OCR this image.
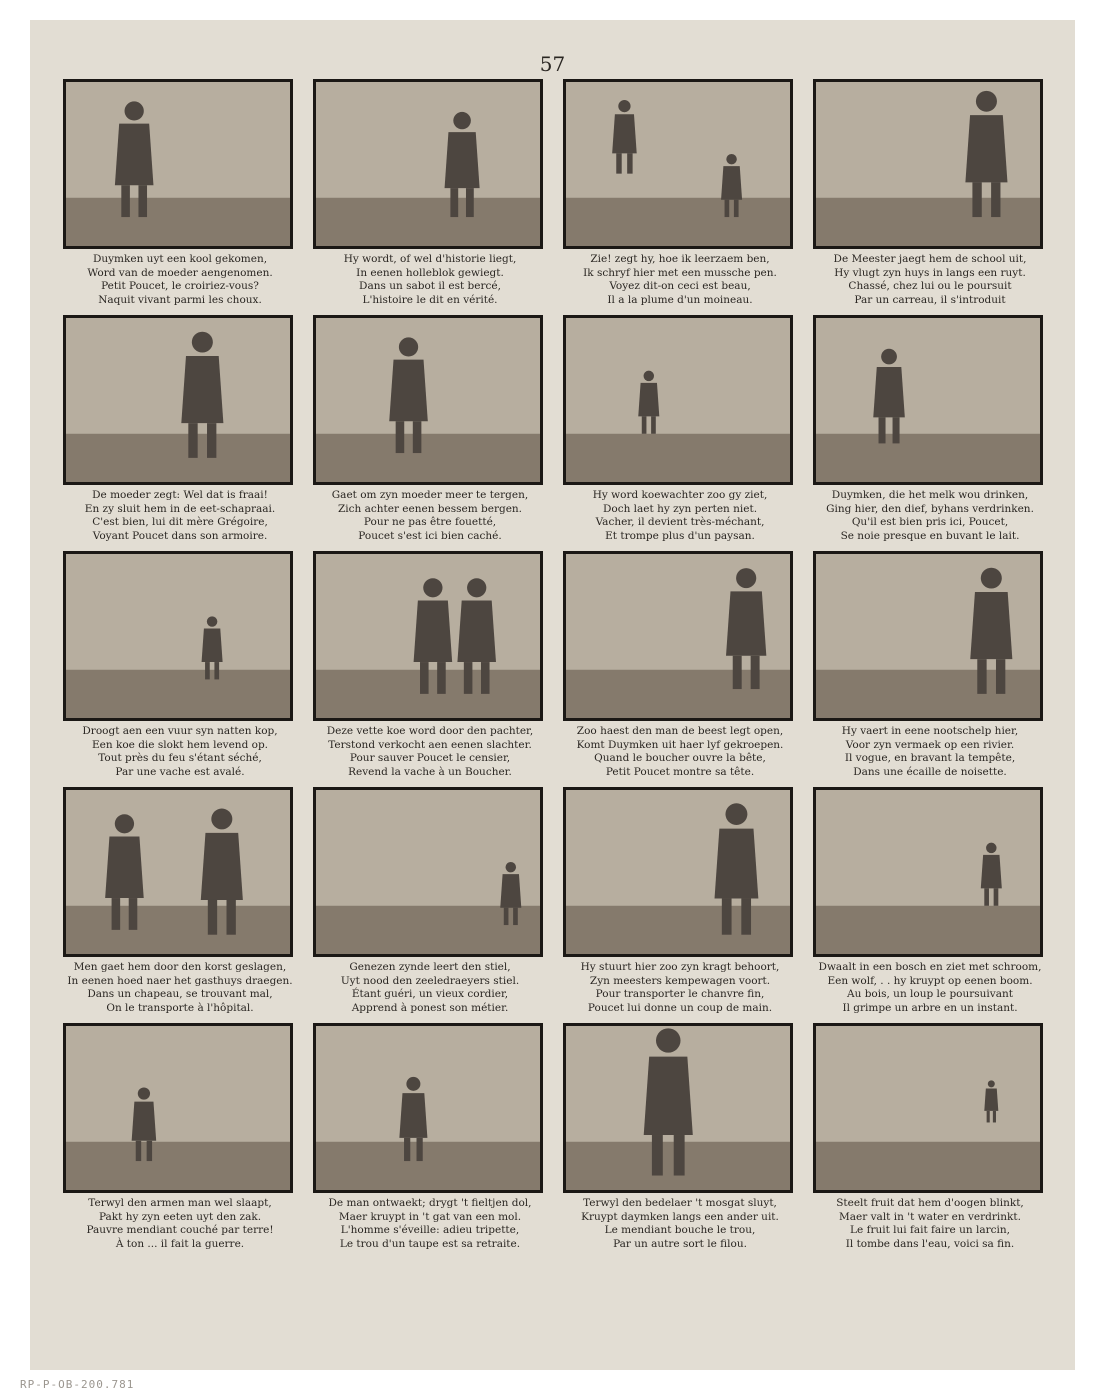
57
Duymken uyt een kool gekomen,
Word van de moeder aengenomen.
Petit Poucet, le croiriez-vous?
Naquit vivant parmi les choux.
Hy wordt, of wel d'historie liegt,
In eenen holleblok gewiegt.
Dans un sabot il est bercé,
L'histoire le dit en vérité.
Zie! zegt hy, hoe ik leerzaem ben,
Ik schryf hier met een mussche pen.
Voyez dit-on ceci est beau,
Il a la plume d'un moineau.
De Meester jaegt hem de school uit,
Hy vlugt zyn huys in langs een ruyt.
Chassé, chez lui ou le poursuit
Par un carreau, il s'introduit
De moeder zegt: Wel dat is fraai!
En zy sluit hem in de eet-schapraai.
C'est bien, lui dit mère Grégoire,
Voyant Poucet dans son armoire.
Gaet om zyn moeder meer te tergen,
Zich achter eenen bessem bergen.
Pour ne pas être fouetté,
Poucet s'est ici bien caché.
Hy word koewachter zoo gy ziet,
Doch laet hy zyn perten niet.
Vacher, il devient très-méchant,
Et trompe plus d'un paysan.
Duymken, die het melk wou drinken,
Ging hier, den dief, byhans verdrinken.
Qu'il est bien pris ici, Poucet,
Se noie presque en buvant le lait.
Droogt aen een vuur syn natten kop,
Een koe die slokt hem levend op.
Tout près du feu s'étant séché,
Par une vache est avalé.
Deze vette koe word door den pachter,
Terstond verkocht aen eenen slachter.
Pour sauver Poucet le censier,
Revend la vache à un Boucher.
Zoo haest den man de beest legt open,
Komt Duymken uit haer lyf gekroepen.
Quand le boucher ouvre la bête,
Petit Poucet montre sa tête.
Hy vaert in eene nootschelp hier,
Voor zyn vermaek op een rivier.
Il vogue, en bravant la tempête,
Dans une écaille de noisette.
Men gaet hem door den korst geslagen,
In eenen hoed naer het gasthuys draegen.
Dans un chapeau, se trouvant mal,
On le transporte à l'hôpital.
Genezen zynde leert den stiel,
Uyt nood den zeeledraeyers stiel.
Étant guéri, un vieux cordier,
Apprend à ponest son métier.
Hy stuurt hier zoo zyn kragt behoort,
Zyn meesters kempewagen voort.
Pour transporter le chanvre fin,
Poucet lui donne un coup de main.
Dwaalt in een bosch en ziet met schroom,
Een wolf, . . hy kruypt op eenen boom.
Au bois, un loup le poursuivant
Il grimpe un arbre en un instant.
Terwyl den armen man wel slaapt,
Pakt hy zyn eeten uyt den zak.
Pauvre mendiant couché par terre!
À ton ... il fait la guerre.
De man ontwaekt; drygt 't fieltjen dol,
Maer kruypt in 't gat van een mol.
L'homme s'éveille: adieu tripette,
Le trou d'un taupe est sa retraite.
Terwyl den bedelaer 't mosgat sluyt,
Kruypt daymken langs een ander uit.
Le mendiant bouche le trou,
Par un autre sort le filou.
Steelt fruit dat hem d'oogen blinkt,
Maer valt in 't water en verdrinkt.
Le fruit lui fait faire un larcin,
Il tombe dans l'eau, voici sa fin.
RP-P-OB-200.781
